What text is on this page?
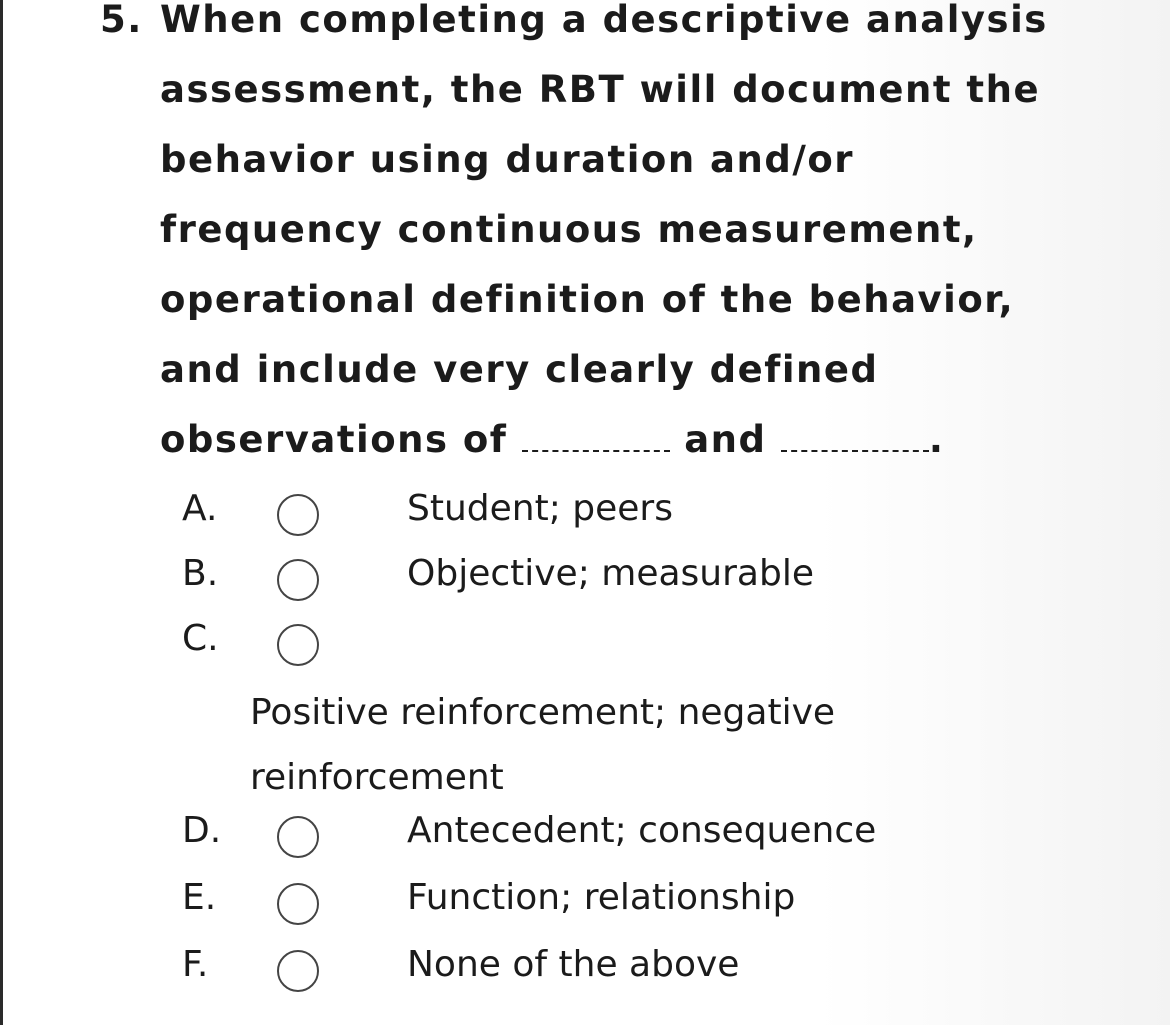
5. When completing a descriptive analysis
assessment, the RBT will document the
behavior using duration and/or
frequency continuous measurement,
operational definition of the behavior,
and include very clearly defined
observations of	and	.
A.	Student; peers
B.	Objective; measurable
C.
Positive reinforcement; negative reinforcement
D.	Antecedent; consequence
E.	Function; relationship
F.	None of the above
